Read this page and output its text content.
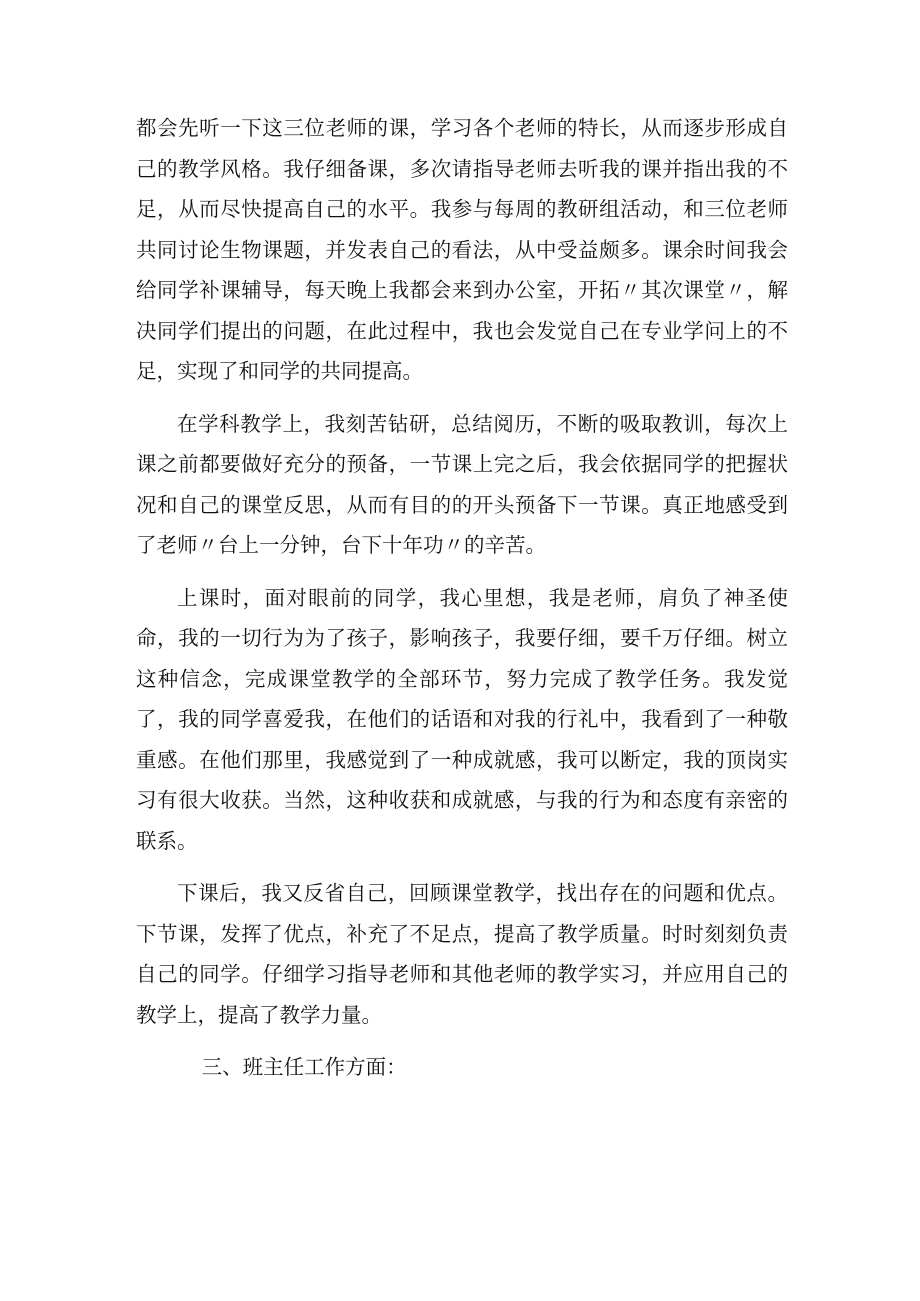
都会先听一下这三位老师的课，学习各个老师的特长，从而逐步形成自己的教学风格。我仔细备课，多次请指导老师去听我的课并指出我的不足，从而尽快提高自己的水平。我参与每周的教研组活动，和三位老师共同讨论生物课题，并发表自己的看法，从中受益颇多。课余时间我会给同学补课辅导，每天晚上我都会来到办公室，开拓〃其次课堂〃，解决同学们提出的问题，在此过程中，我也会发觉自己在专业学问上的不足，实现了和同学的共同提高。

在学科教学上，我刻苦钻研，总结阅历，不断的吸取教训，每次上课之前都要做好充分的预备，一节课上完之后，我会依据同学的把握状况和自己的课堂反思，从而有目的的开头预备下一节课。真正地感受到了老师〃台上一分钟，台下十年功〃的辛苦。

上课时，面对眼前的同学，我心里想，我是老师，肩负了神圣使命，我的一切行为为了孩子，影响孩子，我要仔细，要千万仔细。树立这种信念，完成课堂教学的全部环节，努力完成了教学任务。我发觉了，我的同学喜爱我，在他们的话语和对我的行礼中，我看到了一种敬重感。在他们那里，我感觉到了一种成就感，我可以断定，我的顶岗实习有很大收获。当然，这种收获和成就感，与我的行为和态度有亲密的联系。

下课后，我又反省自己，回顾课堂教学，找出存在的问题和优点。下节课，发挥了优点，补充了不足点，提高了教学质量。时时刻刻负责自己的同学。仔细学习指导老师和其他老师的教学实习，并应用自己的教学上，提高了教学力量。

三、班主任工作方面：
